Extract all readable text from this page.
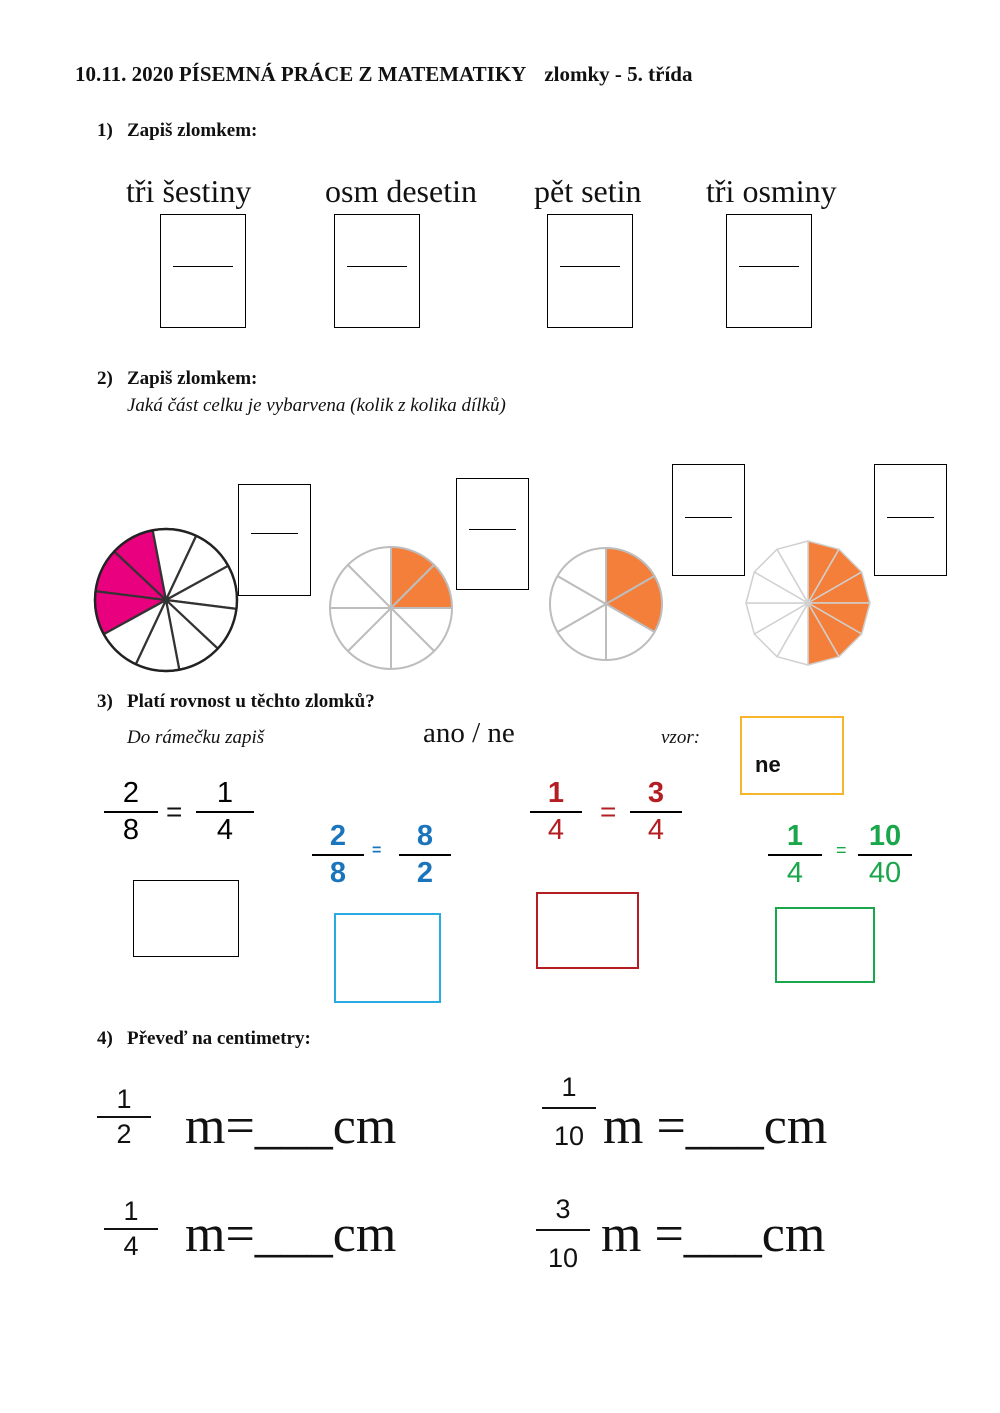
10.11. 2020 PÍSEMNÁ PRÁCE Z MATEMATIKY zlomky - 5. třída
1) Zapiš zlomkem:
tři šestiny osm desetin pět setin tři osminy
2) Zapiš zlomkem:
Jaká část celku je vybarvena (kolik z kolika dílků)
3) Platí rovnost u těchto zlomků?
Do rámečku zapiš	ano / ne	vzor:
ne
2
8
=
1
4	2
8
= 8
2
1
4
=
3
4	1
4
= 10
40
4) Převeď na centimetry:
1
2 m=___cm
1
10 m =___cm
1
4 m=___cm	3
10 m =___cm
